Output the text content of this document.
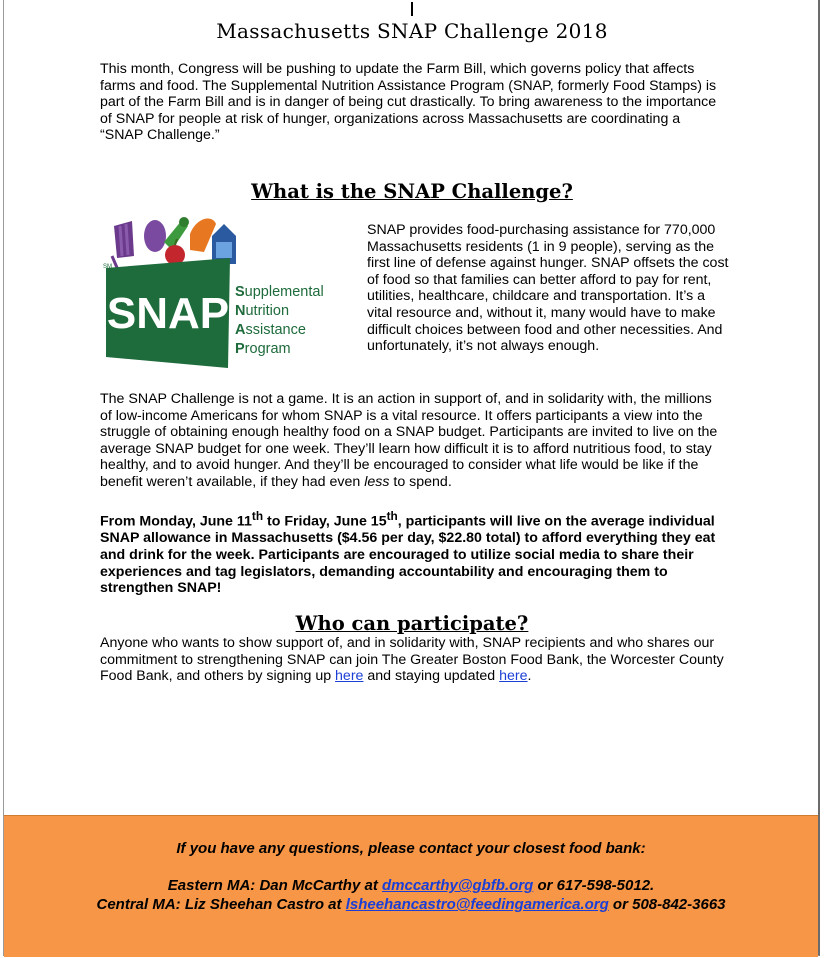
Massachusetts SNAP Challenge 2018
This month, Congress will be pushing to update the Farm Bill, which governs policy that affects farms and food. The Supplemental Nutrition Assistance Program (SNAP, formerly Food Stamps) is part of the Farm Bill and is in danger of being cut drastically. To bring awareness to the importance of SNAP for people at risk of hunger, organizations across Massachusetts are coordinating a “SNAP Challenge.”
What is the SNAP Challenge?
SM
SNAP Supplemental
Nutrition
Assistance
Program
SNAP provides food-purchasing assistance for 770,000 Massachusetts residents (1 in 9 people), serving as the first line of defense against hunger. SNAP offsets the cost of food so that families can better afford to pay for rent, utilities, healthcare, childcare and transportation. It’s a vital resource and, without it, many would have to make difficult choices between food and other necessities. And unfortunately, it’s not always enough.
The SNAP Challenge is not a game. It is an action in support of, and in solidarity with, the millions of low-income Americans for whom SNAP is a vital resource. It offers participants a view into the struggle of obtaining enough healthy food on a SNAP budget. Participants are invited to live on the average SNAP budget for one week. They’ll learn how difficult it is to afford nutritious food, to stay healthy, and to avoid hunger. And they’ll be encouraged to consider what life would be like if the benefit weren’t available, if they had even less to spend.
From Monday, June 11th to Friday, June 15th, participants will live on the average individual SNAP allowance in Massachusetts ($4.56 per day, $22.80 total) to afford everything they eat and drink for the week. Participants are encouraged to utilize social media to share their experiences and tag legislators, demanding accountability and encouraging them to strengthen SNAP!
Who can participate?
Anyone who wants to show support of, and in solidarity with, SNAP recipients and who shares our commitment to strengthening SNAP can join The Greater Boston Food Bank, the Worcester County Food Bank, and others by signing up here and staying updated here.
If you have any questions, please contact your closest food bank:
Eastern MA: Dan McCarthy at dmccarthy@gbfb.org or 617-598-5012.
Central MA: Liz Sheehan Castro at lsheehancastro@feedingamerica.org or 508-842-3663
